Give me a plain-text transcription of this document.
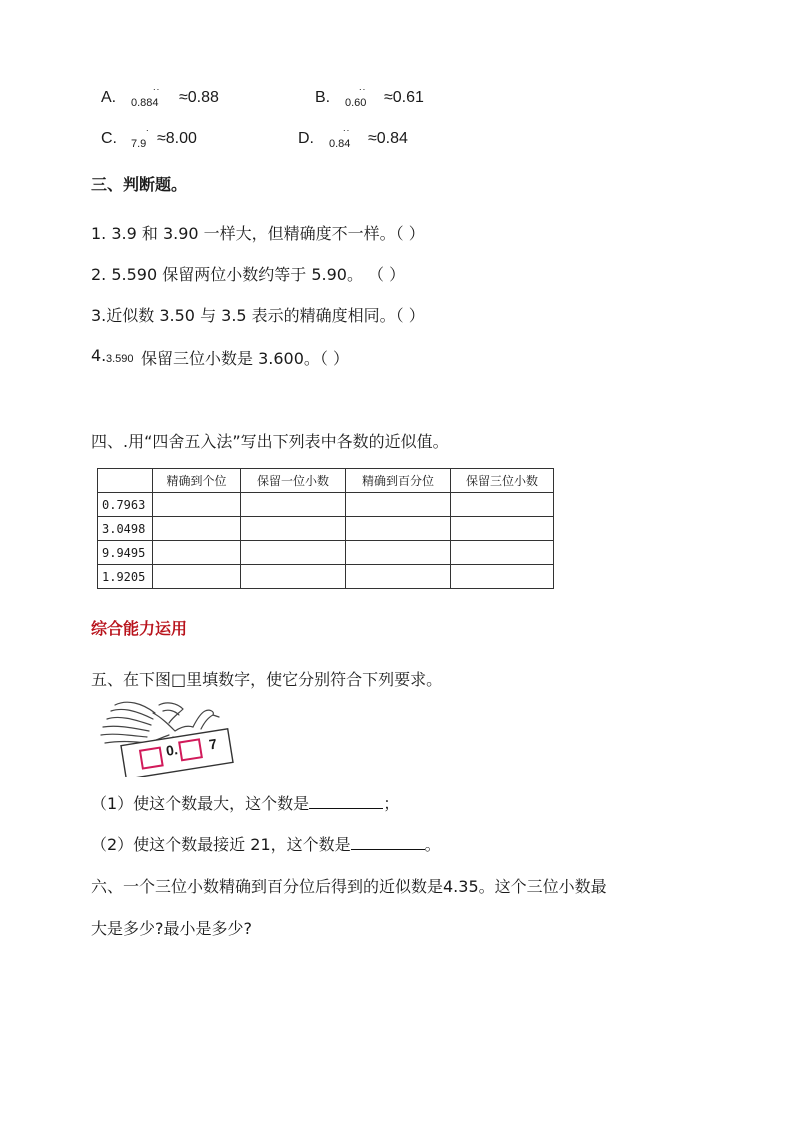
A.	˙˙
0.884 ≈0.88	B.	˙˙
0.60 ≈0.61
C.	˙
7.9 ≈8.00	D.	˙˙
0.84 ≈0.84
三、判断题。
1. 3.9 和 3.90 一样大，但精确度不一样。（ ）
2. 5.590 保留两位小数约等于 5.90。 （ ）
3.近似数 3.50 与 3.5 表示的精确度相同。（ ）
4. 3.590 保留三位小数是 3.600。（ ）
四、.用“四舍五入法”写出下列表中各数的近似值。
	精确到个位	保留一位小数	精确到百分位	保留三位小数
0.7963				
3.0498				
9.9495				
1.9205				
综合能力运用
五、在下图□里填数字，使它分别符合下列要求。
0. 7
（1）使这个数最大，这个数是	；
（2）使这个数最接近 21，这个数是	。
六、一个三位小数精确到百分位后得到的近似数是4.35。这个三位小数最
大是多少?最小是多少?
